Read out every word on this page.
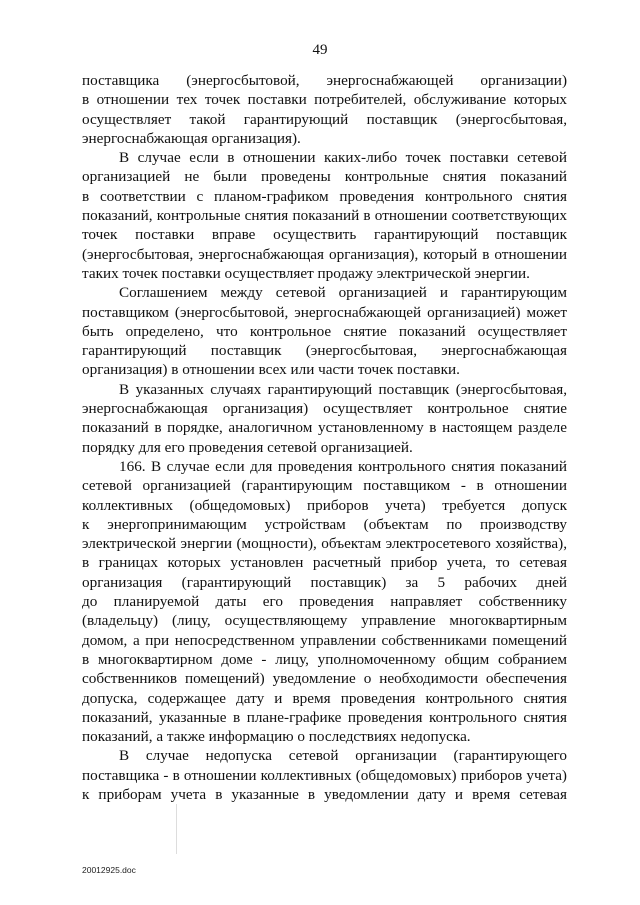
49
поставщика (энергосбытовой, энергоснабжающей организации)
в отношении тех точек поставки потребителей, обслуживание которых
осуществляет такой гарантирующий поставщик (энергосбытовая,
энергоснабжающая организация).
В случае если в отношении каких-либо точек поставки сетевой
организацией не были проведены контрольные снятия показаний
в соответствии с планом-графиком проведения контрольного снятия
показаний, контрольные снятия показаний в отношении соответствующих
точек поставки вправе осуществить гарантирующий поставщик
(энергосбытовая, энергоснабжающая организация), который в отношении
таких точек поставки осуществляет продажу электрической энергии.
Соглашением между сетевой организацией и гарантирующим
поставщиком (энергосбытовой, энергоснабжающей организацией) может
быть определено, что контрольное снятие показаний осуществляет
гарантирующий поставщик (энергосбытовая, энергоснабжающая
организация) в отношении всех или части точек поставки.
В указанных случаях гарантирующий поставщик (энергосбытовая,
энергоснабжающая организация) осуществляет контрольное снятие
показаний в порядке, аналогичном установленному в настоящем разделе
порядку для его проведения сетевой организацией.
166. В случае если для проведения контрольного снятия показаний
сетевой организацией (гарантирующим поставщиком - в отношении
коллективных (общедомовых) приборов учета) требуется допуск
к энергопринимающим устройствам (объектам по производству
электрической энергии (мощности), объектам электросетевого хозяйства),
в границах которых установлен расчетный прибор учета, то сетевая
организация (гарантирующий поставщик) за 5 рабочих дней
до планируемой даты его проведения направляет собственнику
(владельцу) (лицу, осуществляющему управление многоквартирным
домом, а при непосредственном управлении собственниками помещений
в многоквартирном доме - лицу, уполномоченному общим собранием
собственников помещений) уведомление о необходимости обеспечения
допуска, содержащее дату и время проведения контрольного снятия
показаний, указанные в плане-графике проведения контрольного снятия
показаний, а также информацию о последствиях недопуска.
В случае недопуска сетевой организации (гарантирующего
поставщика - в отношении коллективных (общедомовых) приборов учета)
к приборам учета в указанные в уведомлении дату и время сетевая
20012925.doc
